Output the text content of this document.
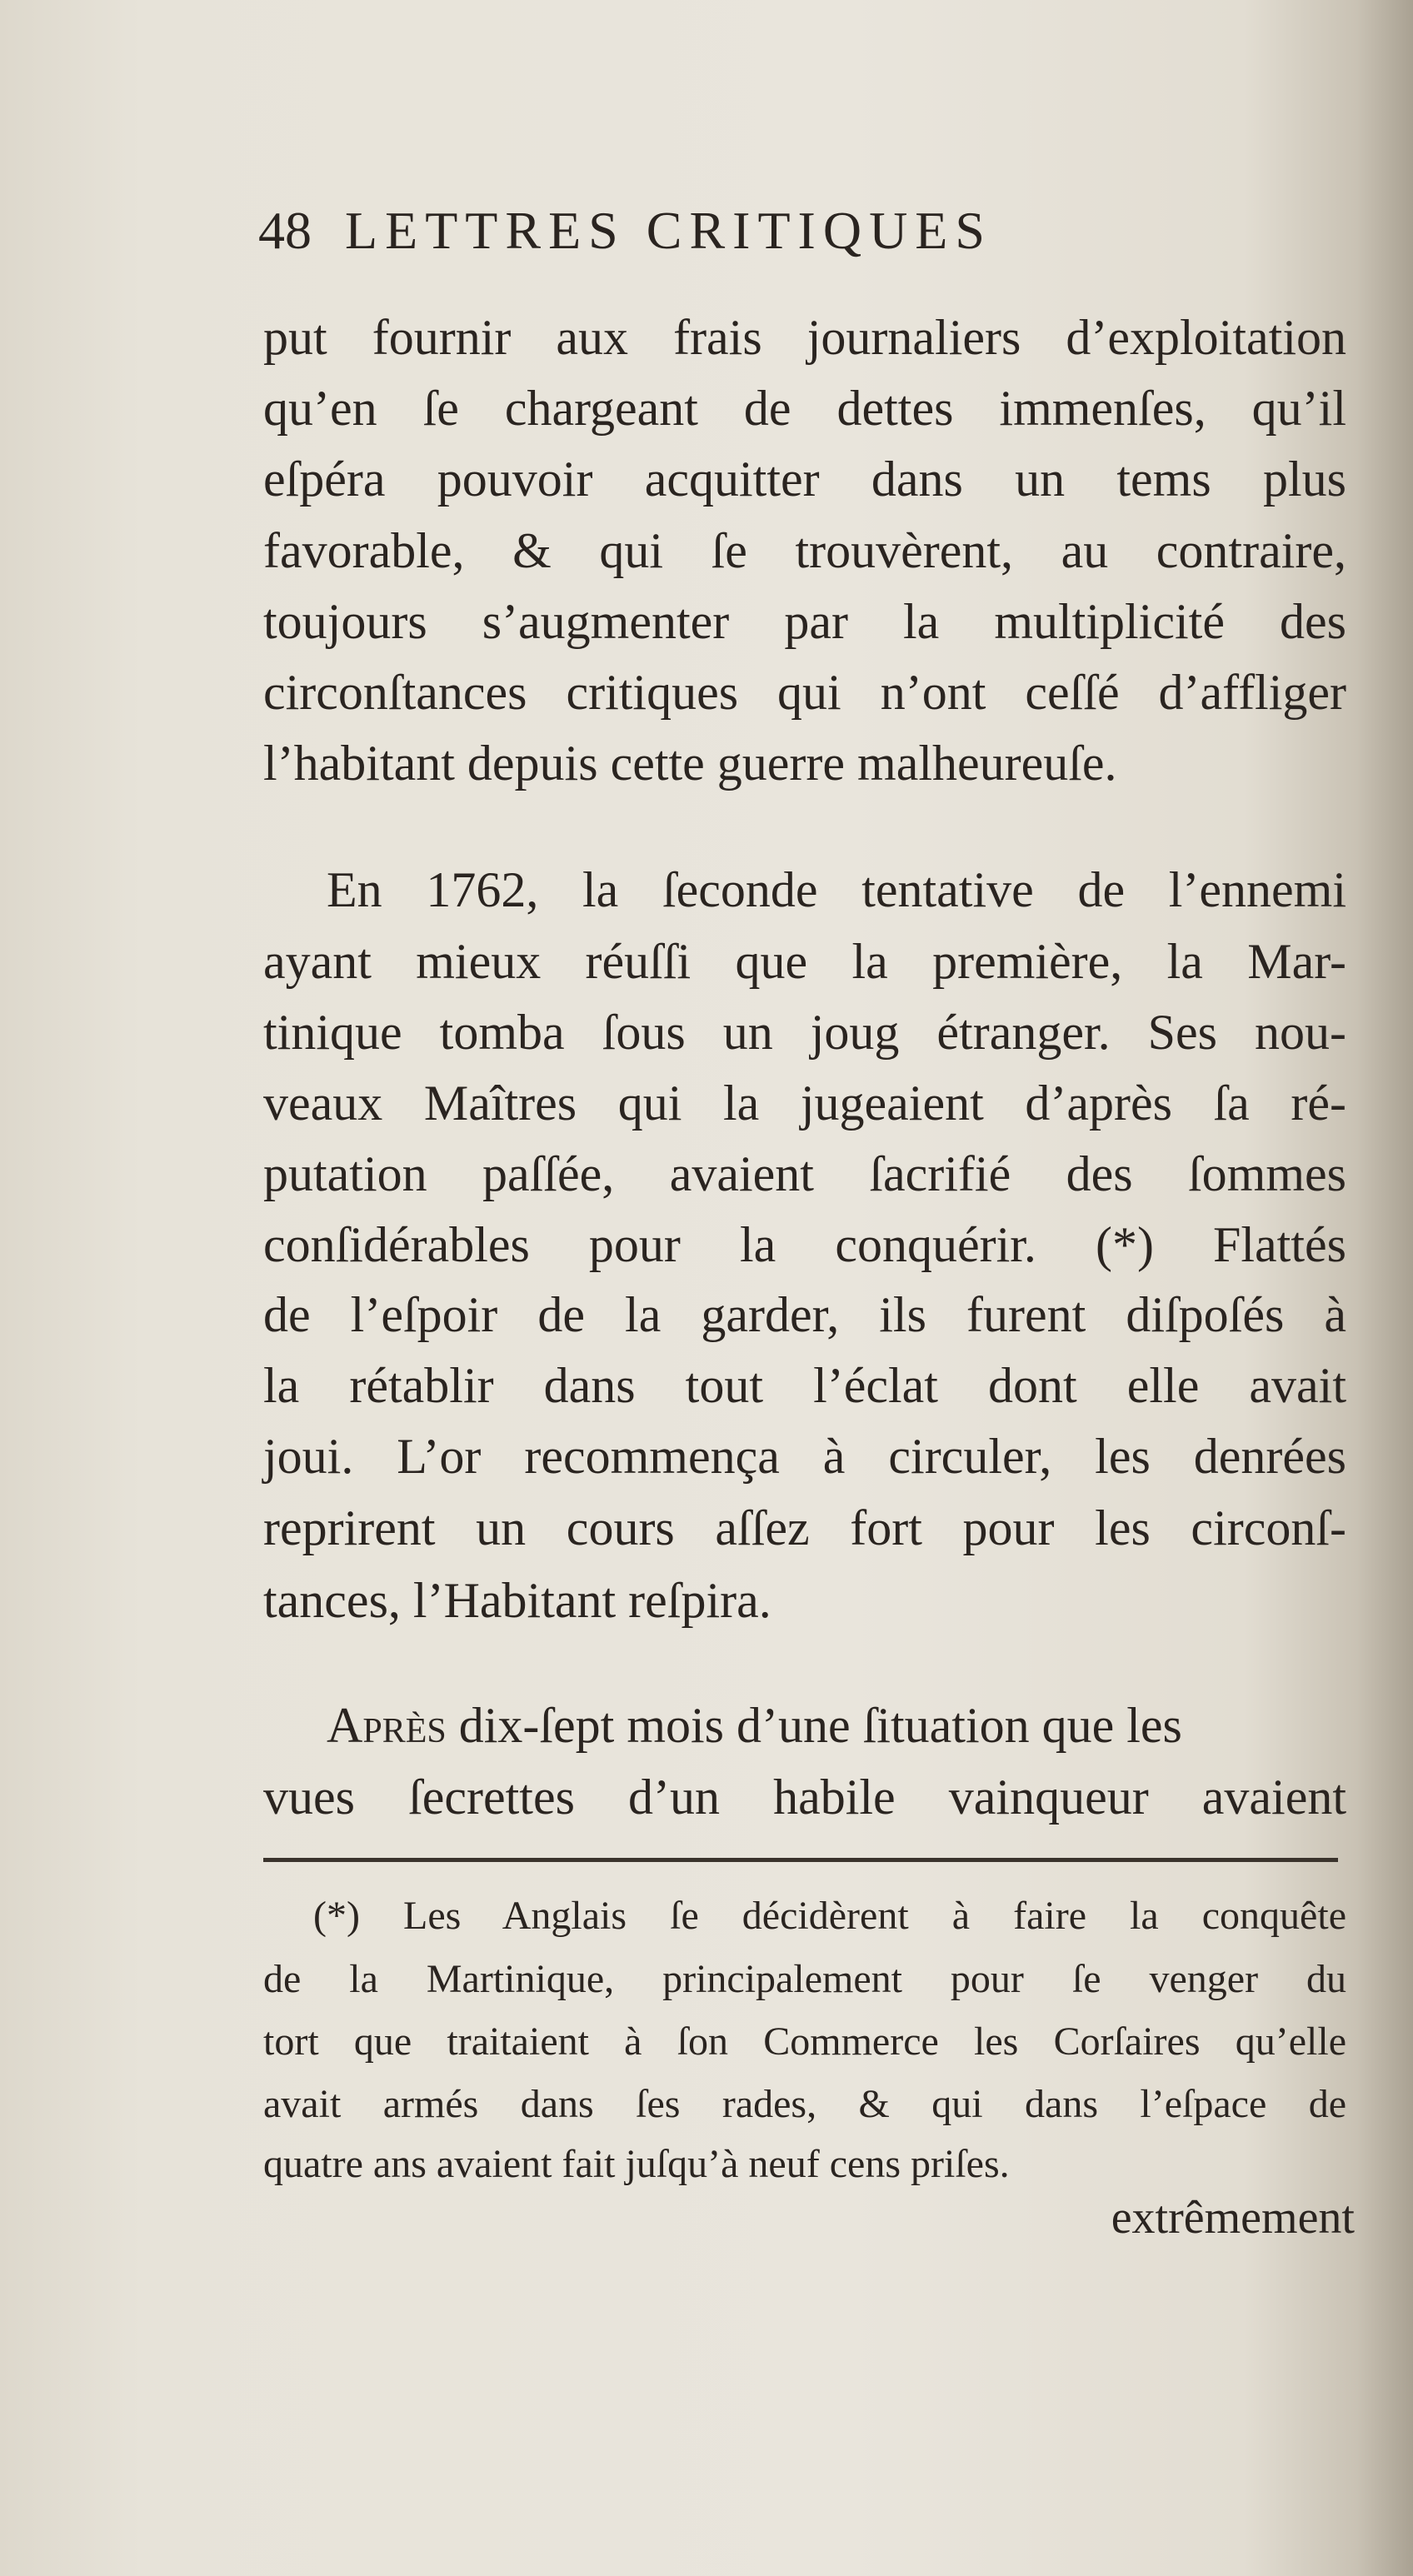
48 LETTRES CRITIQUES
put fournir aux frais journaliers d’exploitation
qu’en ſe chargeant de dettes immenſes, qu’il
eſpéra pouvoir acquitter dans un tems plus
favorable, & qui ſe trouvèrent, au contraire,
toujours s’augmenter par la multiplicité des
circonſtances critiques qui n’ont ceſſé d’affliger
l’habitant depuis cette guerre malheureuſe.
En 1762, la ſeconde tentative de l’ennemi
ayant mieux réuſſi que la première, la Mar-
tinique tomba ſous un joug étranger. Ses nou-
veaux Maîtres qui la jugeaient d’après ſa ré-
putation paſſée, avaient ſacrifié des ſommes
conſidérables pour la conquérir. (*) Flattés
de l’eſpoir de la garder, ils furent diſpoſés à
la rétablir dans tout l’éclat dont elle avait
joui. L’or recommença à circuler, les denrées
reprirent un cours aſſez fort pour les circonſ-
tances, l’Habitant reſpira.
Après dix-ſept mois d’une ſituation que les
vues ſecrettes d’un habile vainqueur avaient
(*) Les Anglais ſe décidèrent à faire la conquête
de la Martinique, principalement pour ſe venger du
tort que traitaient à ſon Commerce les Corſaires qu’elle
avait armés dans ſes rades, & qui dans l’eſpace de
quatre ans avaient fait juſqu’à neuf cens priſes.
extrêmement
